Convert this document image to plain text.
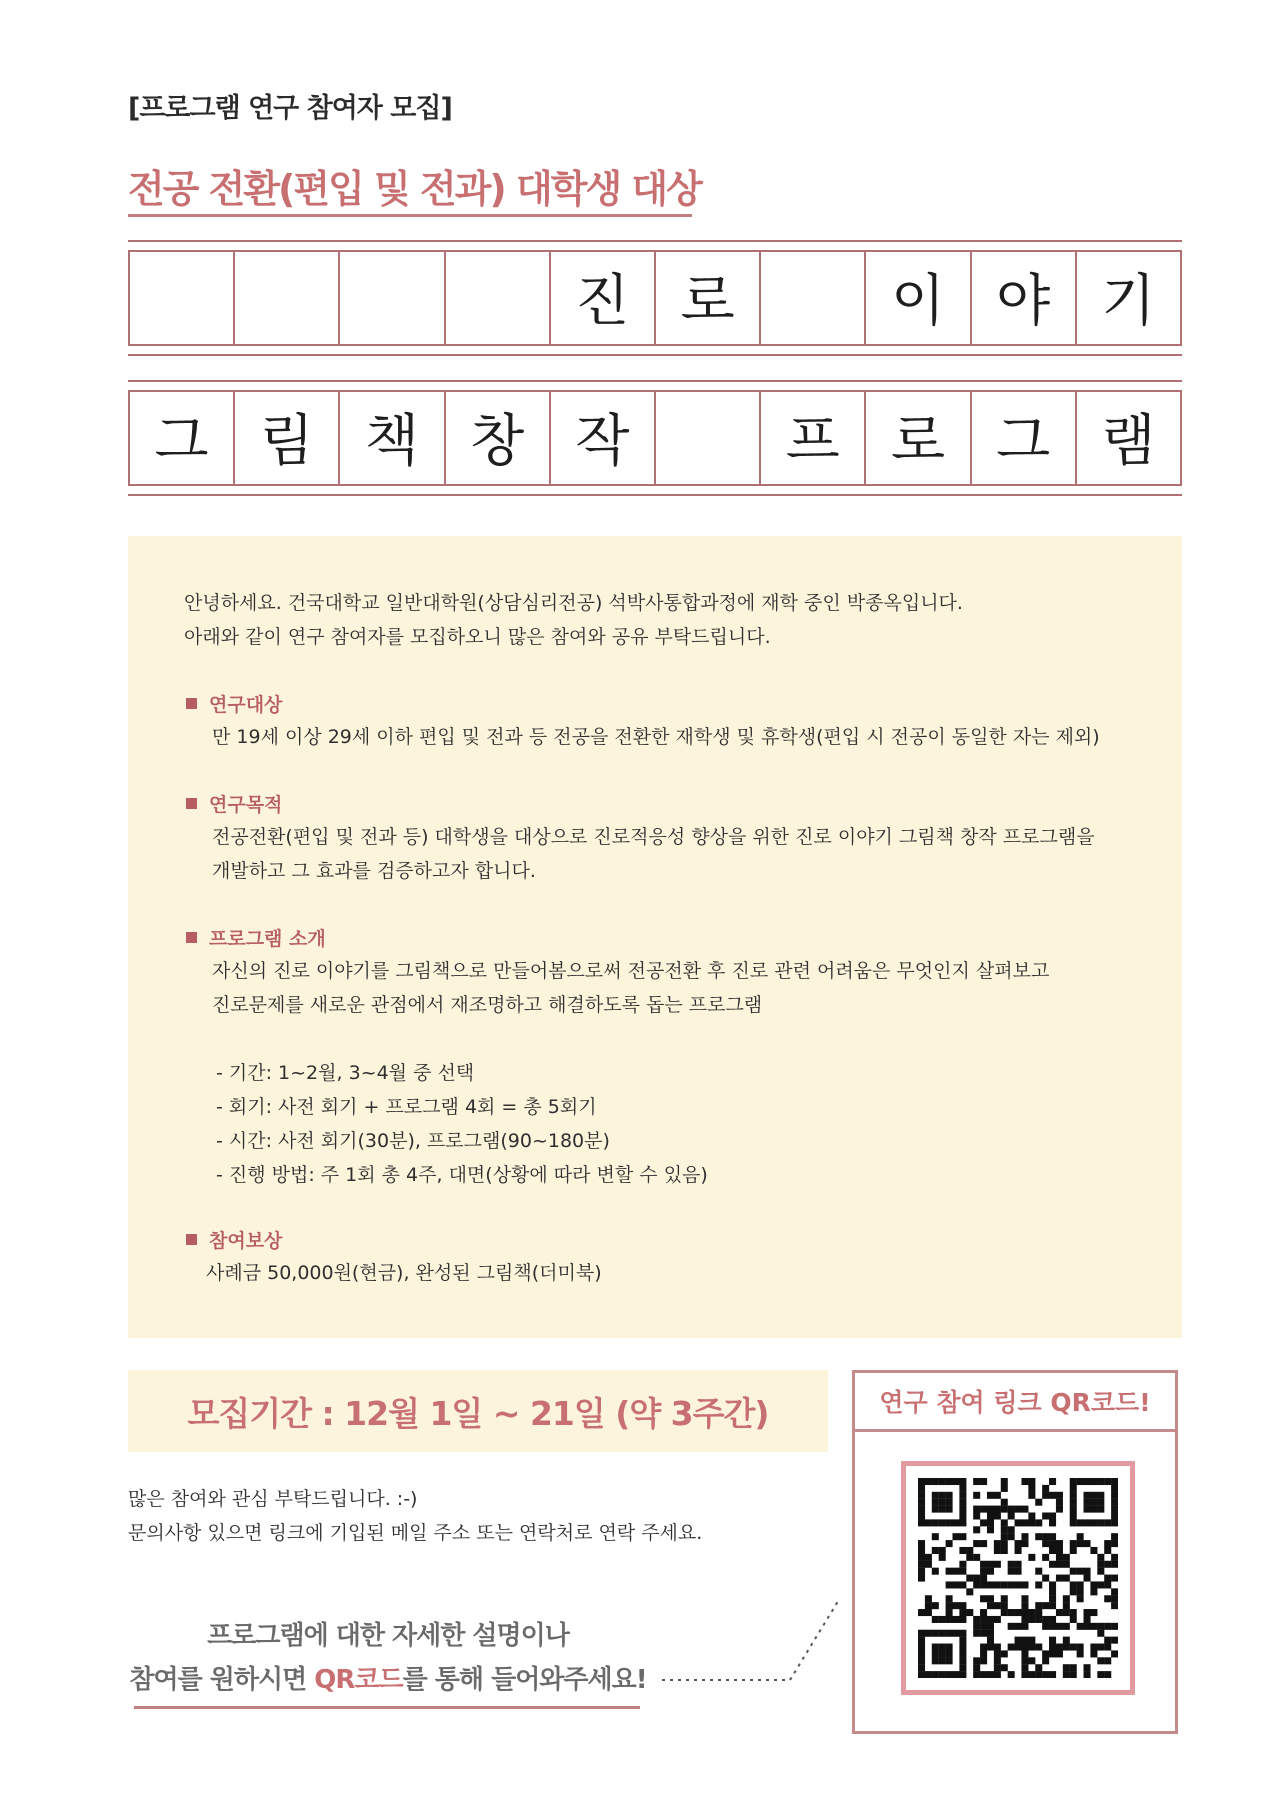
[프로그램 연구 참여자 모집]
전공 전환(편입 및 전과) 대학생 대상
진 로	이 야 기
그 림 책 창 작	프 로 그 램
안녕하세요. 건국대학교 일반대학원(상담심리전공) 석박사통합과정에 재학 중인 박종옥입니다.
아래와 같이 연구 참여자를 모집하오니 많은 참여와 공유 부탁드립니다.
연구대상
만 19세 이상 29세 이하 편입 및 전과 등 전공을 전환한 재학생 및 휴학생(편입 시 전공이 동일한 자는 제외)
연구목적
전공전환(편입 및 전과 등) 대학생을 대상으로 진로적응성 향상을 위한 진로 이야기 그림책 창작 프로그램을
개발하고 그 효과를 검증하고자 합니다.
프로그램 소개
자신의 진로 이야기를 그림책으로 만들어봄으로써 전공전환 후 진로 관련 어려움은 무엇인지 살펴보고
진로문제를 새로운 관점에서 재조명하고 해결하도록 돕는 프로그램
- 기간: 1~2월, 3~4월 중 선택
- 회기: 사전 회기 + 프로그램 4회 = 총 5회기
- 시간: 사전 회기(30분), 프로그램(90~180분)
- 진행 방법: 주 1회 총 4주, 대면(상황에 따라 변할 수 있음)
참여보상
사례금 50,000원(현금), 완성된 그림책(더미북)
모집기간 : 12월 1일 ~ 21일 (약 3주간)
많은 참여와 관심 부탁드립니다. :-)
문의사항 있으면 링크에 기입된 메일 주소 또는 연락처로 연락 주세요.
프로그램에 대한 자세한 설명이나
참여를 원하시면 QR코드를 통해 들어와주세요!
연구 참여 링크 QR코드!
